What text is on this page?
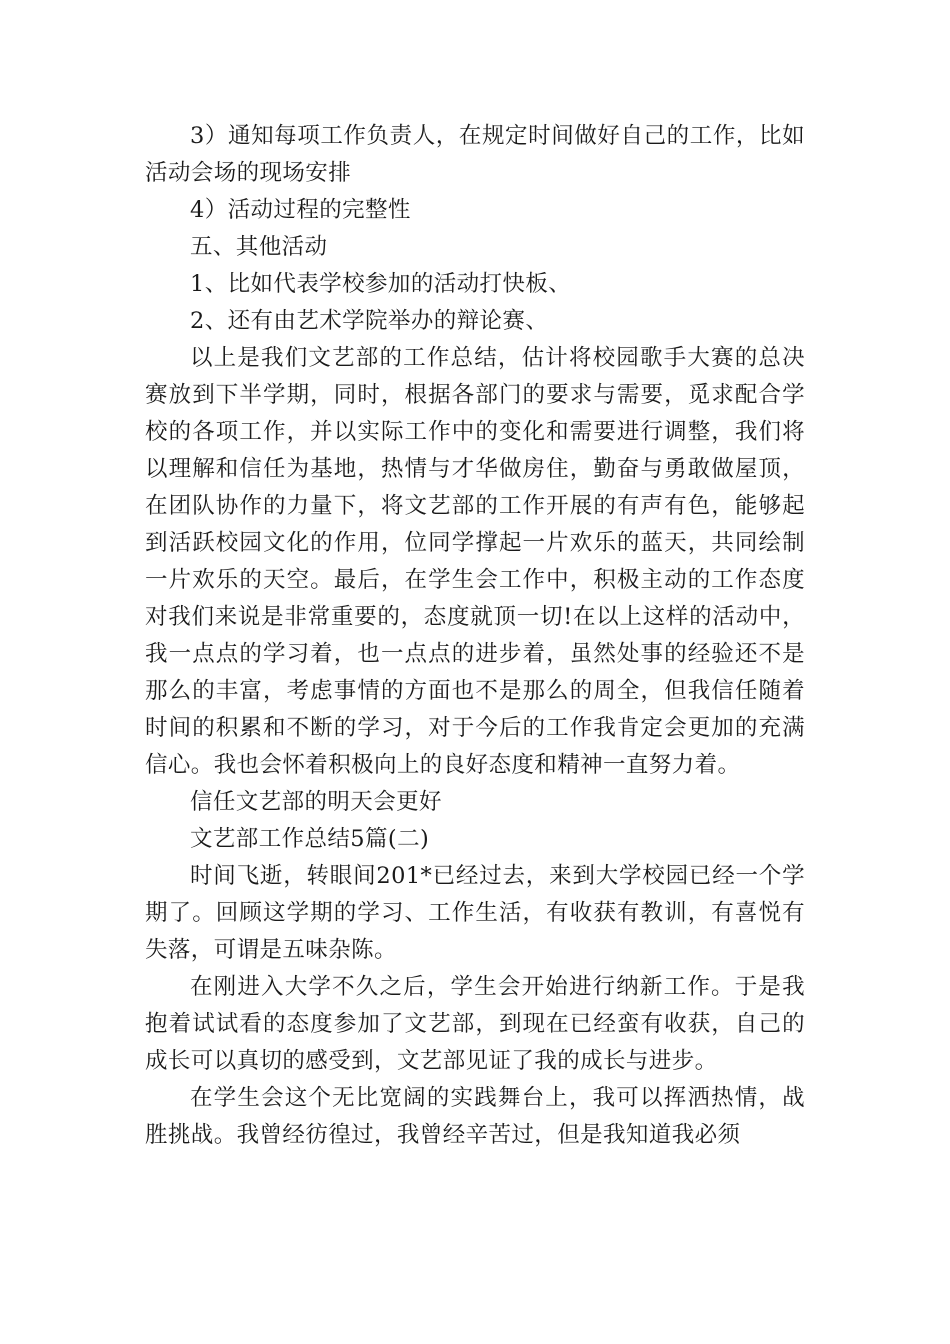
3）通知每项工作负责人，在规定时间做好自己的工作，比如活动会场的现场安排

4）活动过程的完整性

五、其他活动

1、比如代表学校参加的活动打快板、

2、还有由艺术学院举办的辩论赛、

以上是我们文艺部的工作总结，估计将校园歌手大赛的总决赛放到下半学期，同时，根据各部门的要求与需要，觅求配合学校的各项工作，并以实际工作中的变化和需要进行调整，我们将以理解和信任为基地，热情与才华做房住，勤奋与勇敢做屋顶，在团队协作的力量下，将文艺部的工作开展的有声有色，能够起到活跃校园文化的作用，位同学撑起一片欢乐的蓝天，共同绘制一片欢乐的天空。最后，在学生会工作中，积极主动的工作态度对我们来说是非常重要的，态度就顶一切!在以上这样的活动中，我一点点的学习着，也一点点的进步着，虽然处事的经验还不是那么的丰富，考虑事情的方面也不是那么的周全，但我信任随着时间的积累和不断的学习，对于今后的工作我肯定会更加的充满信心。我也会怀着积极向上的良好态度和精神一直努力着。

信任文艺部的明天会更好

文艺部工作总结5篇(二)

时间飞逝，转眼间201*已经过去，来到大学校园已经一个学期了。回顾这学期的学习、工作生活，有收获有教训，有喜悦有失落，可谓是五味杂陈。

在刚进入大学不久之后，学生会开始进行纳新工作。于是我抱着试试看的态度参加了文艺部，到现在已经蛮有收获，自己的成长可以真切的感受到，文艺部见证了我的成长与进步。

在学生会这个无比宽阔的实践舞台上，我可以挥洒热情，战胜挑战。我曾经彷徨过，我曾经辛苦过，但是我知道我必须
